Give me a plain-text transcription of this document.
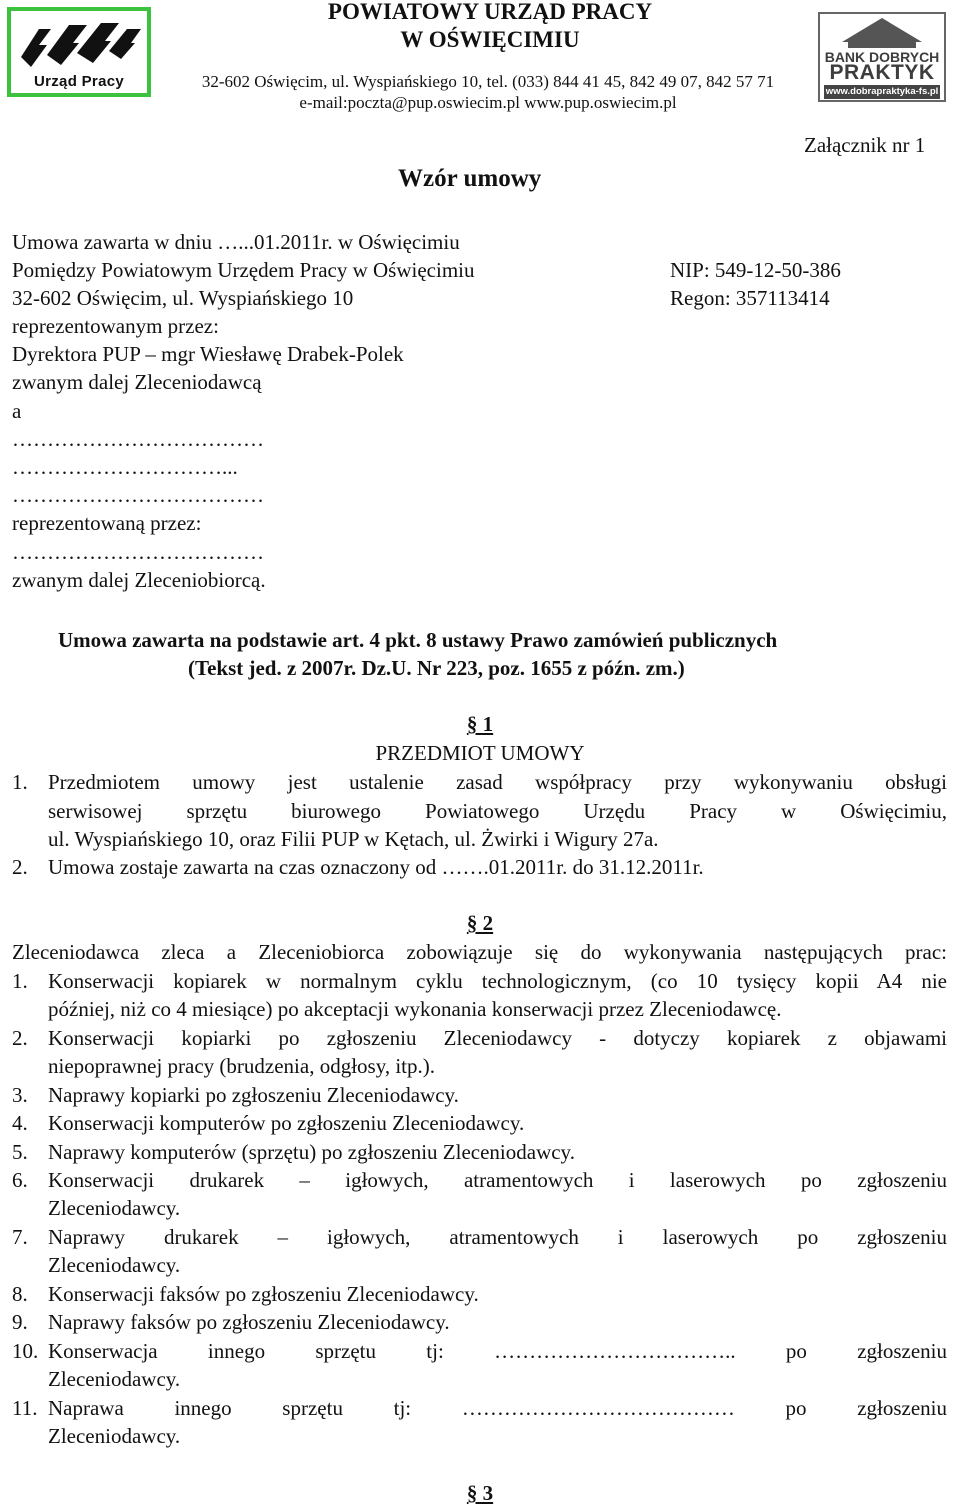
Urząd Pracy
POWIATOWY URZĄD PRACY
W OŚWIĘCIMIU
32-602 Oświęcim, ul. Wyspiańskiego 10, tel. (033) 844 41 45, 842 49 07, 842 57 71
e-mail:poczta@pup.oswiecim.pl www.pup.oswiecim.pl
BANK DOBRYCH
PRAKTYK
www.dobrapraktyka-fs.pl
Załącznik nr 1
Wzór umowy
Umowa zawarta w dniu …...01.2011r. w Oświęcimiu
Pomiędzy Powiatowym Urzędem Pracy w Oświęcimiu	NIP: 549-12-50-386
32-602 Oświęcim, ul. Wyspiańskiego 10	Regon: 357113414
reprezentowanym przez:
Dyrektora PUP – mgr Wiesławę Drabek-Polek
zwanym dalej Zleceniodawcą
a
………………………………
…………………………...
………………………………
reprezentowaną przez:
………………………………
zwanym dalej Zleceniobiorcą.
Umowa zawarta na podstawie art. 4 pkt. 8 ustawy Prawo zamówień publicznych
(Tekst jed. z 2007r. Dz.U. Nr 223, poz. 1655 z późn. zm.)
§ 1
PRZEDMIOT UMOWY
1. Przedmiotem umowy jest ustalenie zasad współpracy przy wykonywaniu obsługi
serwisowej sprzętu biurowego Powiatowego Urzędu Pracy w Oświęcimiu,
ul. Wyspiańskiego 10, oraz Filii PUP w Kętach, ul. Żwirki i Wigury 27a.
2. Umowa zostaje zawarta na czas oznaczony od …….01.2011r. do 31.12.2011r.
§ 2
Zleceniodawca zleca a Zleceniobiorca zobowiązuje się do wykonywania następujących prac:
1. Konserwacji kopiarek w normalnym cyklu technologicznym, (co 10 tysięcy kopii A4 nie
później, niż co 4 miesiące) po akceptacji wykonania konserwacji przez Zleceniodawcę.
2. Konserwacji kopiarki po zgłoszeniu Zleceniodawcy - dotyczy kopiarek z objawami
niepoprawnej pracy (brudzenia, odgłosy, itp.).
3. Naprawy kopiarki po zgłoszeniu Zleceniodawcy.
4. Konserwacji komputerów po zgłoszeniu Zleceniodawcy.
5. Naprawy komputerów (sprzętu) po zgłoszeniu Zleceniodawcy.
6. Konserwacji drukarek – igłowych, atramentowych i laserowych po zgłoszeniu
Zleceniodawcy.
7. Naprawy drukarek – igłowych, atramentowych i laserowych po zgłoszeniu
Zleceniodawcy.
8. Konserwacji faksów po zgłoszeniu Zleceniodawcy.
9. Naprawy faksów po zgłoszeniu Zleceniodawcy.
10. Konserwacja innego sprzętu tj: …………………………….. po zgłoszeniu
Zleceniodawcy.
11. Naprawa innego sprzętu tj: ………………………………… po zgłoszeniu
Zleceniodawcy.
§ 3
